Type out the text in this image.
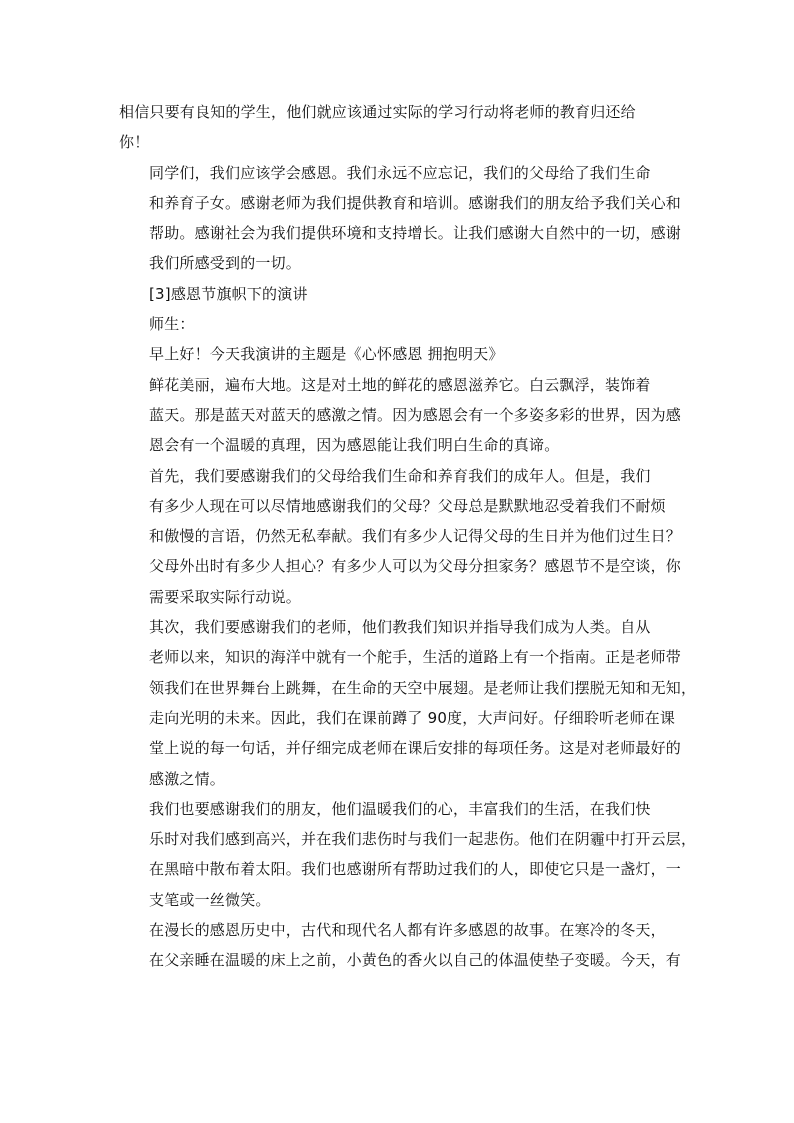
相信只要有良知的学生，他们就应该通过实际的学习行动将老师的教育归还给
你！

同学们，我们应该学会感恩。我们永远不应忘记，我们的父母给了我们生命
和养育子女。感谢老师为我们提供教育和培训。感谢我们的朋友给予我们关心和
帮助。感谢社会为我们提供环境和支持增长。让我们感谢大自然中的一切，感谢
我们所感受到的一切。

[3]感恩节旗帜下的演讲

师生：

早上好！今天我演讲的主题是《心怀感恩 拥抱明天》

鲜花美丽，遍布大地。这是对土地的鲜花的感恩滋养它。白云飘浮，装饰着
蓝天。那是蓝天对蓝天的感激之情。因为感恩会有一个多姿多彩的世界，因为感
恩会有一个温暖的真理，因为感恩能让我们明白生命的真谛。

首先，我们要感谢我们的父母给我们生命和养育我们的成年人。但是，我们
有多少人现在可以尽情地感谢我们的父母？父母总是默默地忍受着我们不耐烦
和傲慢的言语，仍然无私奉献。我们有多少人记得父母的生日并为他们过生日？
父母外出时有多少人担心？有多少人可以为父母分担家务？感恩节不是空谈，你
需要采取实际行动说。

其次，我们要感谢我们的老师，他们教我们知识并指导我们成为人类。自从
老师以来，知识的海洋中就有一个舵手，生活的道路上有一个指南。正是老师带
领我们在世界舞台上跳舞，在生命的天空中展翅。是老师让我们摆脱无知和无知，
走向光明的未来。因此，我们在课前蹲了 90度，大声问好。仔细聆听老师在课
堂上说的每一句话，并仔细完成老师在课后安排的每项任务。这是对老师最好的
感激之情。

我们也要感谢我们的朋友，他们温暖我们的心，丰富我们的生活，在我们快
乐时对我们感到高兴，并在我们悲伤时与我们一起悲伤。他们在阴霾中打开云层，
在黑暗中散布着太阳。我们也感谢所有帮助过我们的人，即使它只是一盏灯，一
支笔或一丝微笑。

在漫长的感恩历史中，古代和现代名人都有许多感恩的故事。在寒冷的冬天，
在父亲睡在温暖的床上之前，小黄色的香火以自己的体温使垫子变暖。今天，有
